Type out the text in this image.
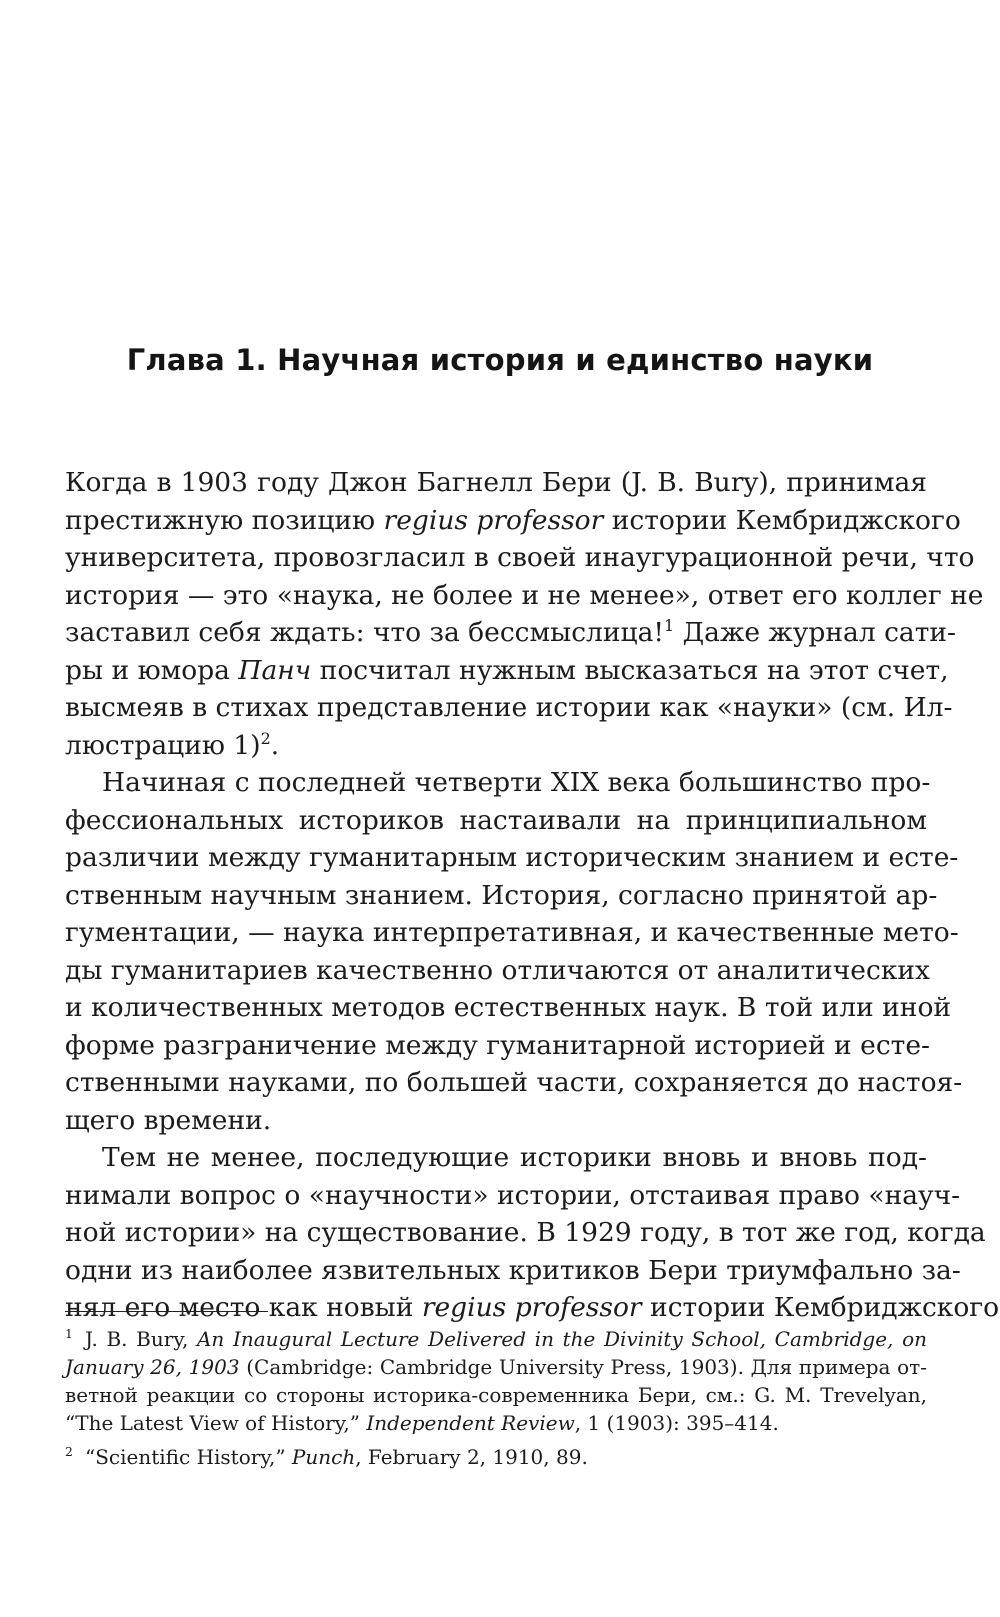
Глава 1. Научная история и единство науки

Когда в 1903 году Джон Багнелл Бери (J. B. Bury), принимая
престижную позицию regius professor истории Кембриджского
университета, провозгласил в своей инаугурационной речи, что
история — это «наука, не более и не менее», ответ его коллег не
заставил себя ждать: что за бессмыслица!$^1$ Даже журнал сати-
ры и юмора Панч посчитал нужным высказаться на этот счет,
высмеяв в стихах представление истории как «науки» (см. Ил-
люстрацию 1)$^2$.

Начиная с последней четверти XIX века большинство про-
фессиональных историков настаивали на принципиальном
различии между гуманитарным историческим знанием и есте-
ственным научным знанием. История, согласно принятой ар-
гументации, — наука интерпретативная, и качественные мето-
ды гуманитариев качественно отличаются от аналитических
и количественных методов естественных наук. В той или иной
форме разграничение между гуманитарной историей и есте-
ственными науками, по большей части, сохраняется до настоя-
щего времени.

Тем не менее, последующие историки вновь и вновь под-
нимали вопрос о «научности» истории, отстаивая право «науч-
ной истории» на существование. В 1929 году, в тот же год, когда
одни из наиболее язвительных критиков Бери триумфально за-
нял его место как новый regius professor истории Кембриджского

1 J. B. Bury, An Inaugural Lecture Delivered in the Divinity School, Cambridge, on
January 26, 1903 (Cambridge: Cambridge University Press, 1903). Для примера от-
ветной реакции со стороны историка-современника Бери, см.: G. M. Trevelyan,
“The Latest View of History,” Independent Review, 1 (1903): 395–414.
2 “Scientific History,” Punch, February 2, 1910, 89.
